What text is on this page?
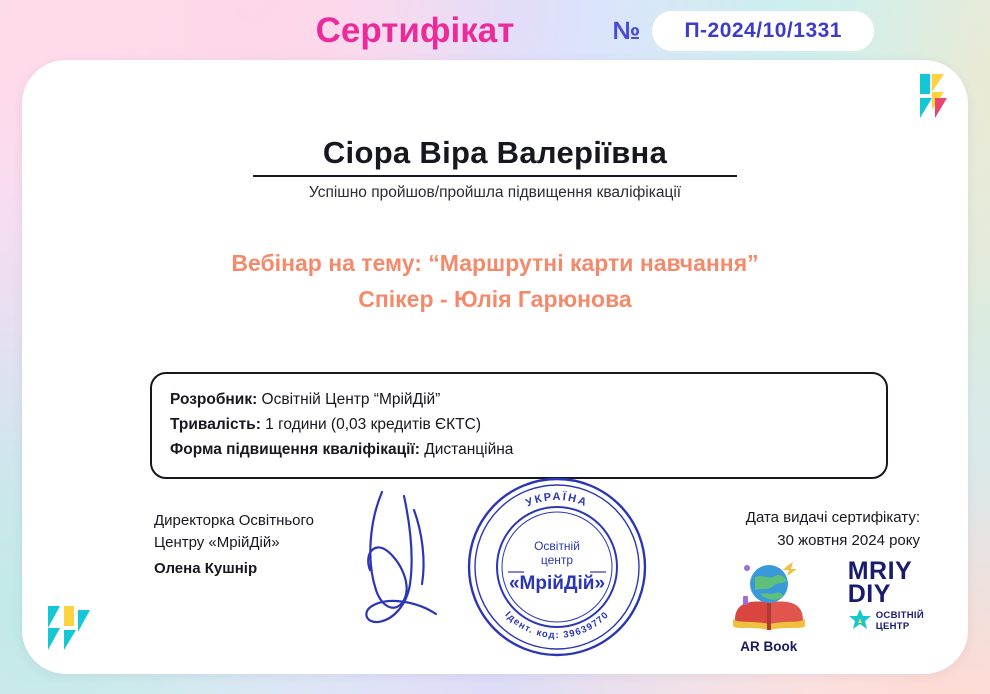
Сертифікат	№	П-2024/10/1331
Сіора Віра Валеріївна
Успішно пройшов/пройшла підвищення кваліфікації
Вебінар на тему: “Маршрутні карти навчання”
Спікер - Юлія Гарюнова
Розробник: Освітній Центр “МрійДій”
Тривалість: 1 години (0,03 кредитів ЄКТС)
Форма підвищення кваліфікації: Дистанційна
Директорка Освітнього
Центру «МрійДій»
Олена Кушнір
УКРАЇНА
Ідент. код: 39639770
Освітній
центр
«МрійДій»
Дата видачі сертифікату:
30 жовтня 2024 року
AR Book
MRIY
DIY
ОСВІТНІЙ
ЦЕНТР
